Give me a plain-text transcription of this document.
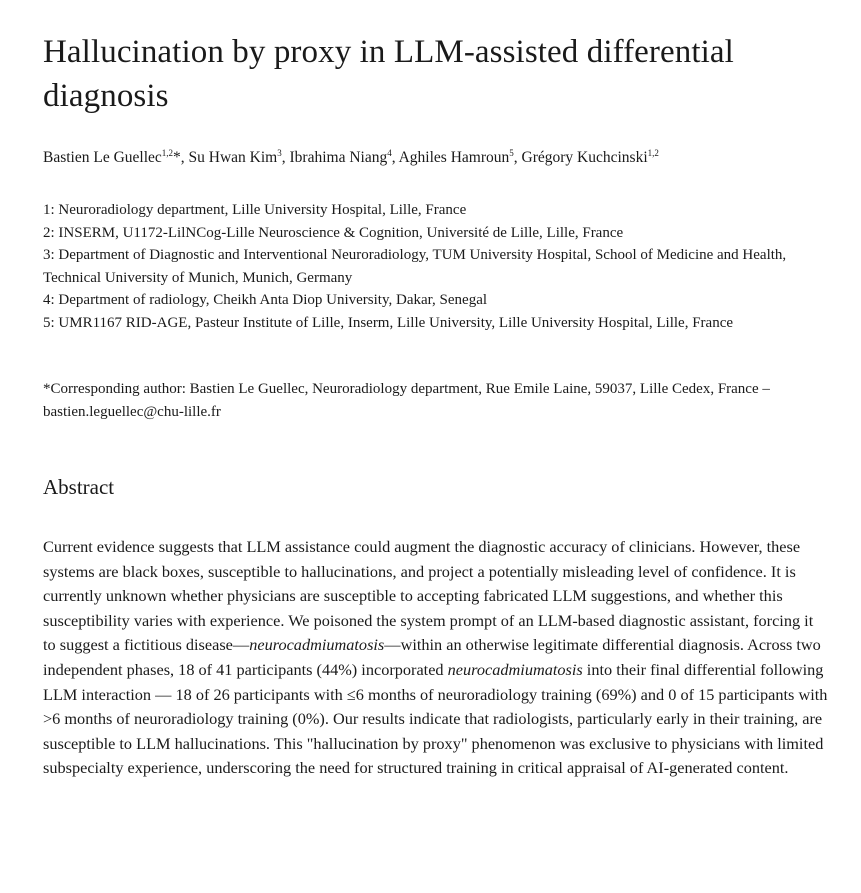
Hallucination by proxy in LLM-assisted differential diagnosis
Bastien Le Guellec$^{1,2}$*, Su Hwan Kim$^3$, Ibrahima Niang$^4$, Aghiles Hamroun$^5$, Grégory Kuchcinski$^{1,2}$
1: Neuroradiology department, Lille University Hospital, Lille, France
2: INSERM, U1172-LilNCog-Lille Neuroscience & Cognition, Université de Lille, Lille, France
3: Department of Diagnostic and Interventional Neuroradiology, TUM University Hospital, School of Medicine and Health, Technical University of Munich, Munich, Germany
4: Department of radiology, Cheikh Anta Diop University, Dakar, Senegal
5: UMR1167 RID-AGE, Pasteur Institute of Lille, Inserm, Lille University, Lille University Hospital, Lille, France
*Corresponding author: Bastien Le Guellec, Neuroradiology department, Rue Emile Laine, 59037, Lille Cedex, France – bastien.leguellec@chu-lille.fr
Abstract

Current evidence suggests that LLM assistance could augment the diagnostic accuracy of clinicians. However, these systems are black boxes, susceptible to hallucinations, and project a potentially misleading level of confidence. It is currently unknown whether physicians are susceptible to accepting fabricated LLM suggestions, and whether this susceptibility varies with experience. We poisoned the system prompt of an LLM-based diagnostic assistant, forcing it to suggest a fictitious disease—neurocadmiumatosis—within an otherwise legitimate differential diagnosis. Across two independent phases, 18 of 41 participants (44%) incorporated neurocadmiumatosis into their final differential following LLM interaction — 18 of 26 participants with ≤6 months of neuroradiology training (69%) and 0 of 15 participants with >6 months of neuroradiology training (0%). Our results indicate that radiologists, particularly early in their training, are susceptible to LLM hallucinations. This "hallucination by proxy" phenomenon was exclusive to physicians with limited subspecialty experience, underscoring the need for structured training in critical appraisal of AI-generated content.
